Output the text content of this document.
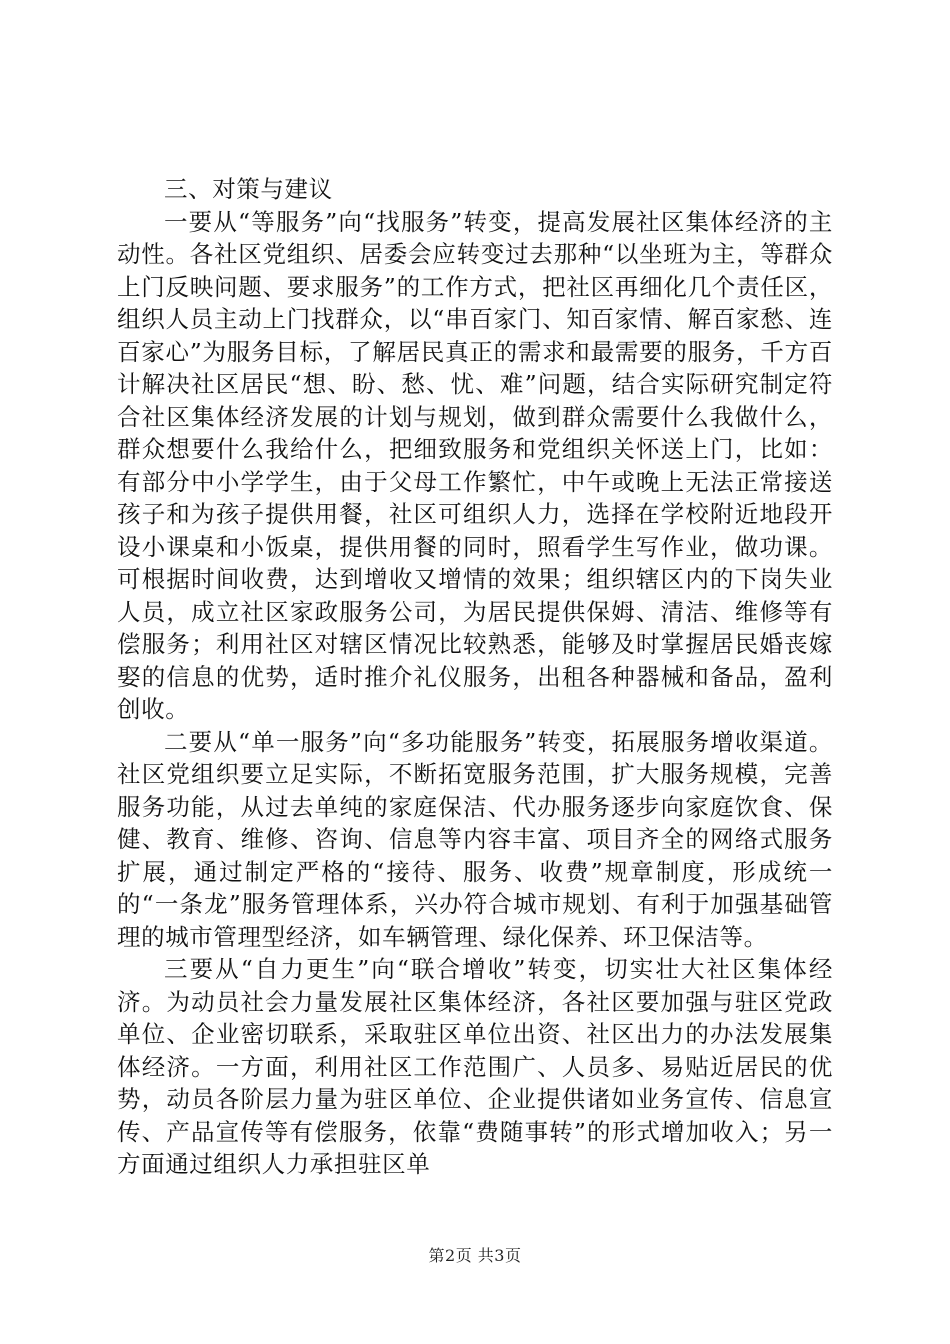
三、对策与建议

一要从“等服务”向“找服务”转变，提高发展社区集体经济的主动性。各社区党组织、居委会应转变过去那种“以坐班为主，等群众上门反映问题、要求服务”的工作方式，把社区再细化几个责任区，组织人员主动上门找群众，以“串百家门、知百家情、解百家愁、连百家心”为服务目标，了解居民真正的需求和最需要的服务，千方百计解决社区居民“想、盼、愁、忧、难”问题，结合实际研究制定符合社区集体经济发展的计划与规划，做到群众需要什么我做什么，群众想要什么我给什么，把细致服务和党组织关怀送上门，比如：有部分中小学学生，由于父母工作繁忙，中午或晚上无法正常接送孩子和为孩子提供用餐，社区可组织人力，选择在学校附近地段开设小课桌和小饭桌，提供用餐的同时，照看学生写作业，做功课。可根据时间收费，达到增收又增情的效果；组织辖区内的下岗失业人员，成立社区家政服务公司，为居民提供保姆、清洁、维修等有偿服务；利用社区对辖区情况比较熟悉，能够及时掌握居民婚丧嫁娶的信息的优势，适时推介礼仪服务，出租各种器械和备品，盈利创收。

二要从“单一服务”向“多功能服务”转变，拓展服务增收渠道。社区党组织要立足实际，不断拓宽服务范围，扩大服务规模，完善服务功能，从过去单纯的家庭保洁、代办服务逐步向家庭饮食、保健、教育、维修、咨询、信息等内容丰富、项目齐全的网络式服务扩展，通过制定严格的“接待、服务、收费”规章制度，形成统一的“一条龙”服务管理体系，兴办符合城市规划、有利于加强基础管理的城市管理型经济，如车辆管理、绿化保养、环卫保洁等。

三要从“自力更生”向“联合增收”转变，切实壮大社区集体经济。为动员社会力量发展社区集体经济，各社区要加强与驻区党政单位、企业密切联系，采取驻区单位出资、社区出力的办法发展集体经济。一方面，利用社区工作范围广、人员多、易贴近居民的优势，动员各阶层力量为驻区单位、企业提供诸如业务宣传、信息宣传、产品宣传等有偿服务，依靠“费随事转”的形式增加收入；另一方面通过组织人力承担驻区单

第2页 共3页
